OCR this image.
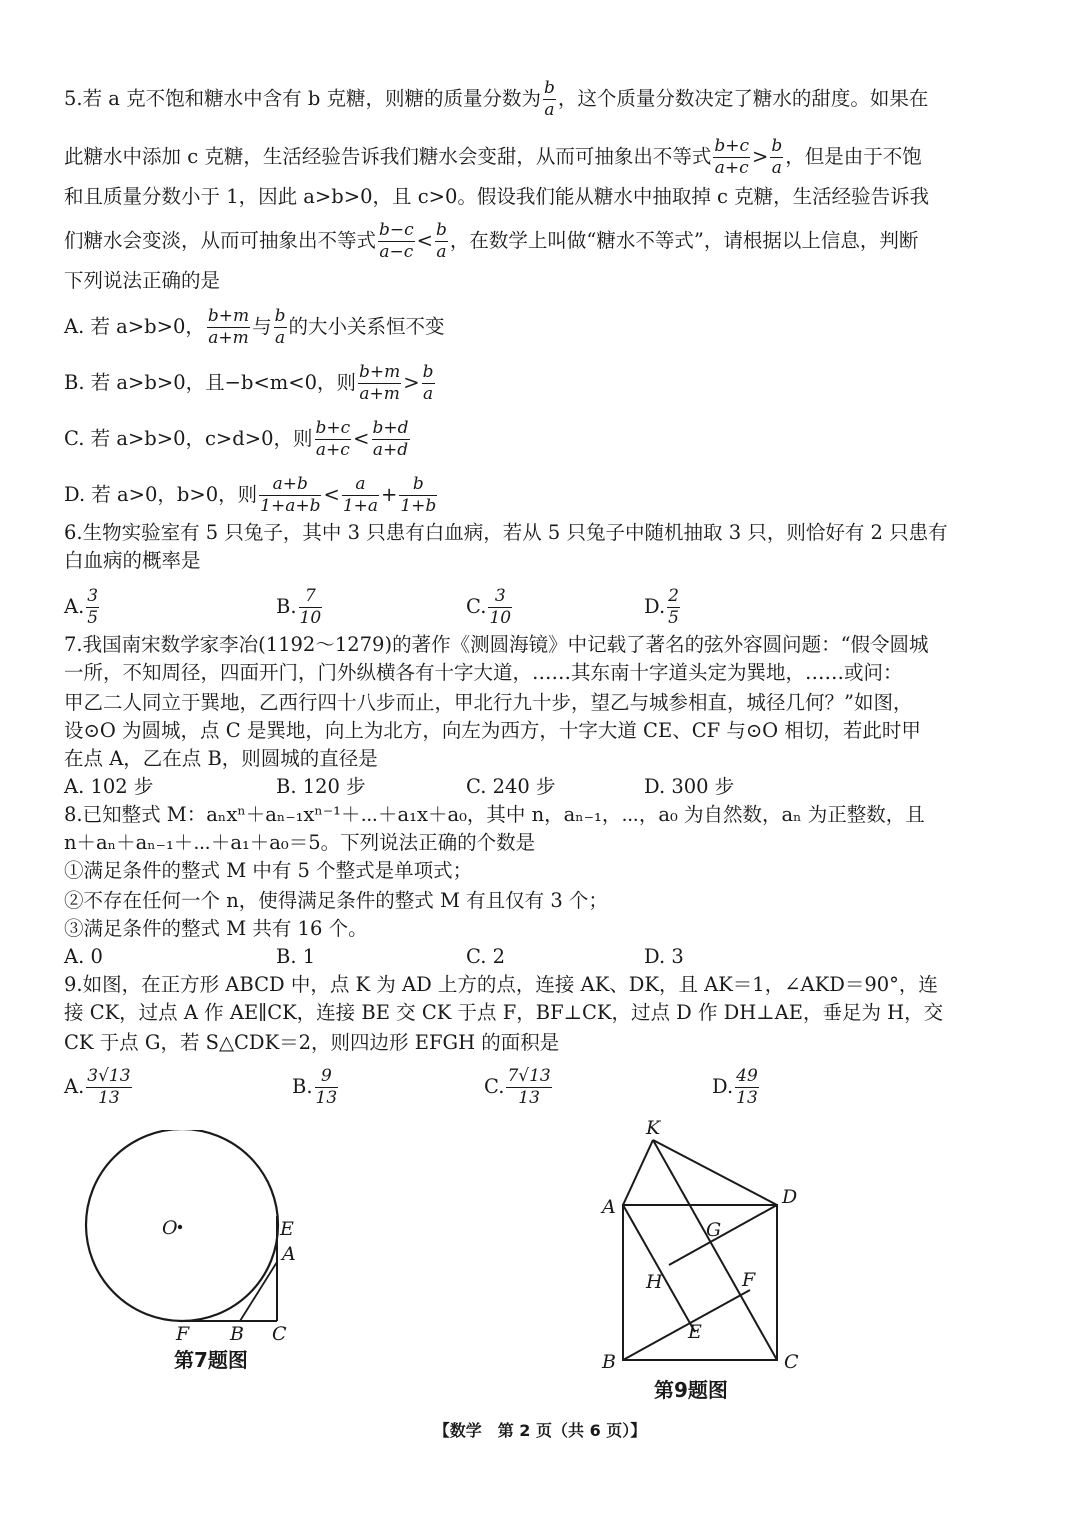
5.若 a 克不饱和糖水中含有 b 克糖，则糖的质量分数为 $\frac{b}{a}$ ，这个质量分数决定了糖水的甜度。如果在
此糖水中添加 c 克糖，生活经验告诉我们糖水会变甜，从而可抽象出不等式 $\frac{b+c}{a+c} > \frac{b}{a}$ ，但是由于不饱
和且质量分数小于 1，因此 a>b>0，且 c>0。假设我们能从糖水中抽取掉 c 克糖，生活经验告诉我
们糖水会变淡，从而可抽象出不等式 $\frac{b-c}{a-c} < \frac{b}{a}$ ，在数学上叫做“糖水不等式”，请根据以上信息，判断
下列说法正确的是
A. 若 a>b>0， $\frac{b+m}{a+m}$ 与 $\frac{b}{a}$ 的大小关系恒不变
B. 若 a>b>0，且−b<m<0，则 $\frac{b+m}{a+m} > \frac{b}{a}$
C. 若 a>b>0，c>d>0，则 $\frac{b+c}{a+c} < \frac{b+d}{a+d}$
D. 若 a>0，b>0，则 $\frac{a+b}{1+a+b} < \frac{a}{1+a} + \frac{b}{1+b}$
6.生物实验室有 5 只兔子，其中 3 只患有白血病，若从 5 只兔子中随机抽取 3 只，则恰好有 2 只患有
白血病的概率是
A. $\frac{3}{5}$	B. $\frac{7}{10}$	C. $\frac{3}{10}$	D. $\frac{2}{5}$
7.我国南宋数学家李冶(1192～1279)的著作《测圆海镜》中记载了著名的弦外容圆问题：“假令圆城
一所，不知周径，四面开门，门外纵横各有十字大道，……其东南十字道头定为巽地，……或问：
甲乙二人同立于巽地，乙西行四十八步而止，甲北行九十步，望乙与城参相直，城径几何？”如图，
设⊙O 为圆城，点 C 是巽地，向上为北方，向左为西方，十字大道 CE、CF 与⊙O 相切，若此时甲
在点 A，乙在点 B，则圆城的直径是
A. 102 步	B. 120 步	C. 240 步	D. 300 步
8.已知整式 M：aₙxⁿ＋aₙ₋₁xⁿ⁻¹＋⋯＋a₁x＋a₀，其中 n，aₙ₋₁，⋯，a₀ 为自然数，aₙ 为正整数，且
n＋aₙ＋aₙ₋₁＋⋯＋a₁＋a₀＝5。下列说法正确的个数是
①满足条件的整式 M 中有 5 个整式是单项式；
②不存在任何一个 n，使得满足条件的整式 M 有且仅有 3 个；
③满足条件的整式 M 共有 16 个。
A. 0	B. 1	C. 2	D. 3
9.如图，在正方形 ABCD 中，点 K 为 AD 上方的点，连接 AK、DK，且 AK＝1，∠AKD＝90°，连
接 CK，过点 A 作 AE∥CK，连接 BE 交 CK 于点 F，BF⊥CK，过点 D 作 DH⊥AE，垂足为 H，交
CK 于点 G，若 S△CDK＝2，则四边形 EFGH 的面积是
A. $\frac{3√13}{13}$	B. $\frac{9}{13}$	C. $\frac{7√13}{13}$	D. $\frac{49}{13}$
O	E
A
F B C
第7题图
K
A	D
G
H	F
E
B	C
第9题图
【数学　第 2 页（共 6 页）】
